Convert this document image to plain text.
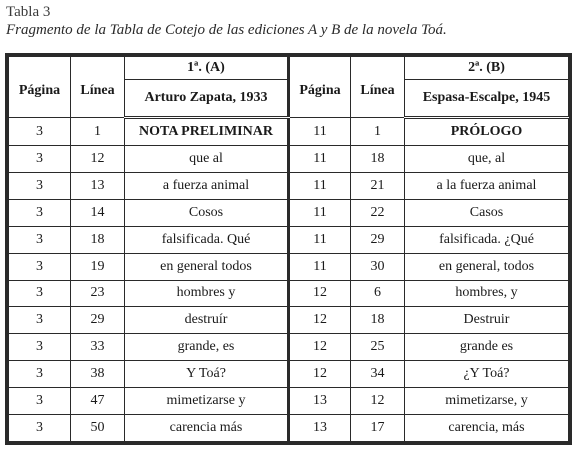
Tabla 3
Fragmento de la Tabla de Cotejo de las ediciones A y B de la novela Toá.
Página	Línea	1ª. (A)	Página	Línea	2ª. (B)
		Arturo Zapata, 1933			Espasa-Escalpe, 1945
3	1	NOTA PRELIMINAR	11	1	PRÓLOGO
3	12	que al	11	18	que, al
3	13	a fuerza animal	11	21	a la fuerza animal
3	14	Cosos	11	22	Casos
3	18	falsificada. Qué	11	29	falsificada. ¿Qué
3	19	en general todos	11	30	en general, todos
3	23	hombres y	12	6	hombres, y
3	29	destruír	12	18	Destruir
3	33	grande, es	12	25	grande es
3	38	Y Toá?	12	34	¿Y Toá?
3	47	mimetizarse y	13	12	mimetizarse, y
3	50	carencia más	13	17	carencia, más
